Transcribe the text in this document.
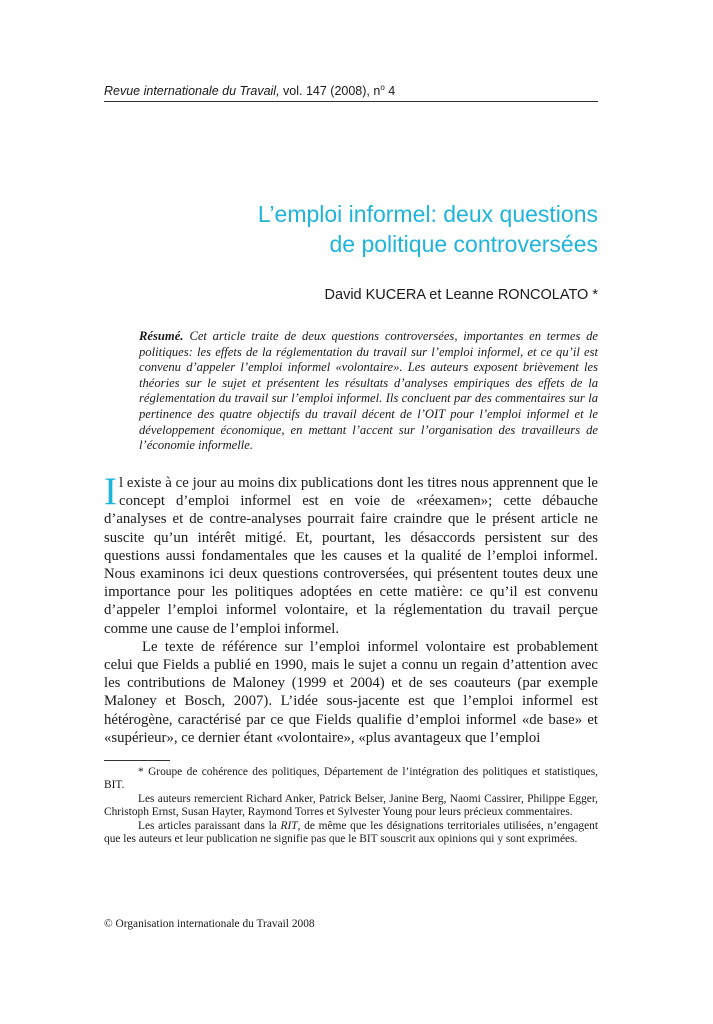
Revue internationale du Travail, vol. 147 (2008), $n^o$ 4
L’emploi informel: deux questions
de politique controversées
David KUCERA et Leanne RONCOLATO *

Résumé. Cet article traite de deux questions controversées, importantes en termes de politiques: les effets de la réglementation du travail sur l’emploi informel, et ce qu’il est convenu d’appeler l’emploi informel «volontaire». Les auteurs exposent brièvement les théories sur le sujet et présentent les résultats d’analyses empiriques des effets de la réglementation du travail sur l’emploi informel. Ils concluent par des commentaires sur la pertinence des quatre objectifs du travail décent de l’OIT pour l’emploi informel et le développement économique, en mettant l’accent sur l’organisation des travailleurs de l’économie informelle.

Il existe à ce jour au moins dix publications dont les titres nous apprennent que le concept d’emploi informel est en voie de «réexamen»; cette débauche d’analyses et de contre-analyses pourrait faire craindre que le présent article ne suscite qu’un intérêt mitigé. Et, pourtant, les désaccords persistent sur des questions aussi fondamentales que les causes et la qualité de l’emploi informel. Nous examinons ici deux questions controversées, qui présentent toutes deux une importance pour les politiques adoptées en cette matière: ce qu’il est convenu d’appeler l’emploi informel volontaire, et la réglementation du travail perçue comme une cause de l’emploi informel.

Le texte de référence sur l’emploi informel volontaire est probablement celui que Fields a publié en 1990, mais le sujet a connu un regain d’attention avec les contributions de Maloney (1999 et 2004) et de ses coauteurs (par exemple Maloney et Bosch, 2007). L’idée sous-jacente est que l’emploi informel est hétérogène, caractérisé par ce que Fields qualifie d’emploi informel «de base» et «supérieur», ce dernier étant «volontaire», «plus avantageux que l’emploi

* Groupe de cohérence des politiques, Département de l’intégration des politiques et statistiques, BIT.

Les auteurs remercient Richard Anker, Patrick Belser, Janine Berg, Naomi Cassirer, Philippe Egger, Christoph Ernst, Susan Hayter, Raymond Torres et Sylvester Young pour leurs précieux commentaires.

Les articles paraissant dans la RIT, de même que les désignations territoriales utilisées, n’engagent que les auteurs et leur publication ne signifie pas que le BIT souscrit aux opinions qui y sont exprimées.

© Organisation internationale du Travail 2008
